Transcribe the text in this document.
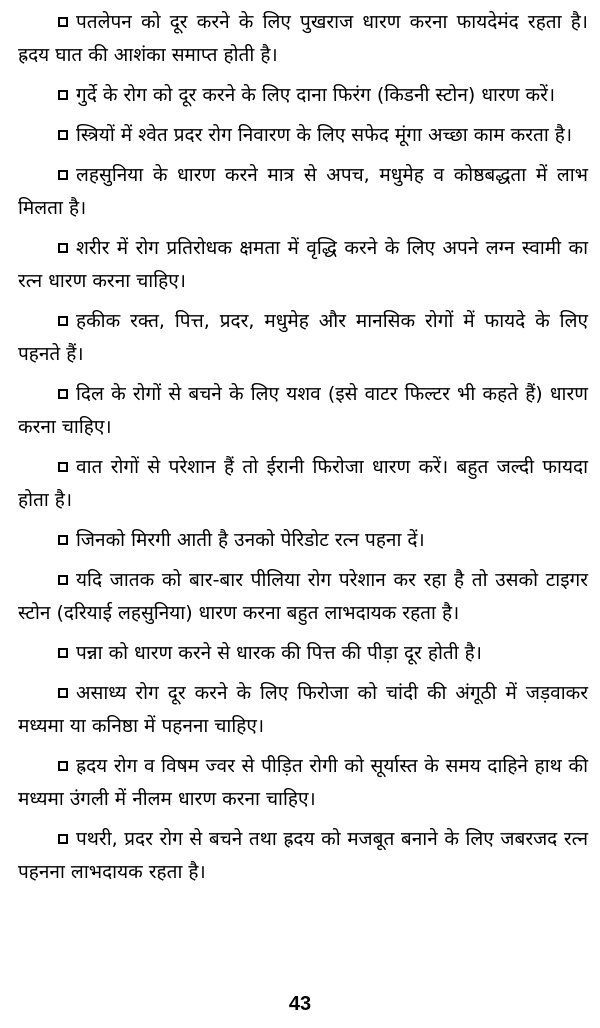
पतलेपन को दूर करने के लिए पुखराज धारण करना फायदेमंद रहता है। ह्रदय घात की आशंका समाप्त होती है।

गुर्दे के रोग को दूर करने के लिए दाना फिरंग (किडनी स्टोन) धारण करें।

स्त्रियों में श्वेत प्रदर रोग निवारण के लिए सफेद मूंगा अच्छा काम करता है।

लहसुनिया के धारण करने मात्र से अपच, मधुमेह व कोष्ठबद्धता में लाभ मिलता है।

शरीर में रोग प्रतिरोधक क्षमता में वृद्धि करने के लिए अपने लग्न स्वामी का रत्न धारण करना चाहिए।

हकीक रक्त, पित्त, प्रदर, मधुमेह और मानसिक रोगों में फायदे के लिए पहनते हैं।

दिल के रोगों से बचने के लिए यशव (इसे वाटर फिल्टर भी कहते हैं) धारण करना चाहिए।

वात रोगों से परेशान हैं तो ईरानी फिरोजा धारण करें। बहुत जल्दी फायदा होता है।

जिनको मिरगी आती है उनको पेरिडोट रत्न पहना दें।

यदि जातक को बार-बार पीलिया रोग परेशान कर रहा है तो उसको टाइगर स्टोन (दरियाई लहसुनिया) धारण करना बहुत लाभदायक रहता है।

पन्ना को धारण करने से धारक की पित्त की पीड़ा दूर होती है।

असाध्य रोग दूर करने के लिए फिरोजा को चांदी की अंगूठी में जड़वाकर मध्यमा या कनिष्ठा में पहनना चाहिए।

ह्रदय रोग व विषम ज्वर से पीड़ित रोगी को सूर्यास्त के समय दाहिने हाथ की मध्यमा उंगली में नीलम धारण करना चाहिए।

पथरी, प्रदर रोग से बचने तथा ह्रदय को मजबूत बनाने के लिए जबरजद रत्न पहनना लाभदायक रहता है।

43
